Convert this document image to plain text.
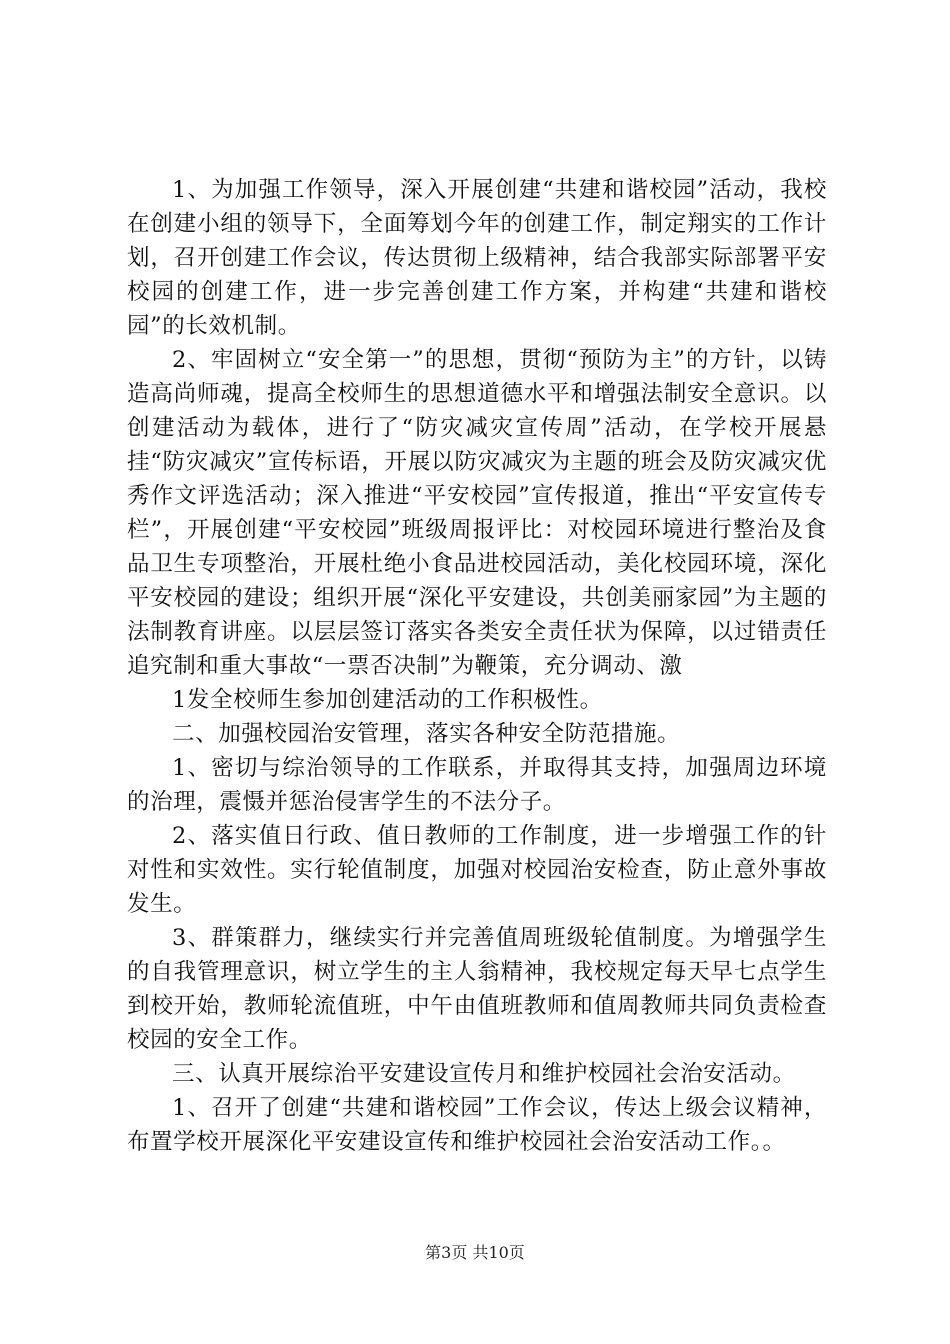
1、为加强工作领导，深入开展创建“共建和谐校园”活动，我校在创建小组的领导下，全面筹划今年的创建工作，制定翔实的工作计划，召开创建工作会议，传达贯彻上级精神，结合我部实际部署平安校园的创建工作，进一步完善创建工作方案，并构建“共建和谐校园”的长效机制。

2、牢固树立“安全第一”的思想，贯彻“预防为主”的方针，以铸造高尚师魂，提高全校师生的思想道德水平和增强法制安全意识。以创建活动为载体，进行了“防灾减灾宣传周”活动，在学校开展悬挂“防灾减灾”宣传标语，开展以防灾减灾为主题的班会及防灾减灾优秀作文评选活动；深入推进“平安校园”宣传报道，推出“平安宣传专栏”，开展创建“平安校园”班级周报评比：对校园环境进行整治及食品卫生专项整治，开展杜绝小食品进校园活动，美化校园环境，深化平安校园的建设；组织开展“深化平安建设，共创美丽家园”为主题的法制教育讲座。以层层签订落实各类安全责任状为保障，以过错责任追究制和重大事故“一票否决制”为鞭策，充分调动、激

1发全校师生参加创建活动的工作积极性。

二、加强校园治安管理，落实各种安全防范措施。

1、密切与综治领导的工作联系，并取得其支持，加强周边环境的治理，震慑并惩治侵害学生的不法分子。

2、落实值日行政、值日教师的工作制度，进一步增强工作的针对性和实效性。实行轮值制度，加强对校园治安检查，防止意外事故发生。

3、群策群力，继续实行并完善值周班级轮值制度。为增强学生的自我管理意识，树立学生的主人翁精神，我校规定每天早七点学生到校开始，教师轮流值班，中午由值班教师和值周教师共同负责检查校园的安全工作。

三、认真开展综治平安建设宣传月和维护校园社会治安活动。

1、召开了创建“共建和谐校园”工作会议，传达上级会议精神，布置学校开展深化平安建设宣传和维护校园社会治安活动工作。。

第3页 共10页
